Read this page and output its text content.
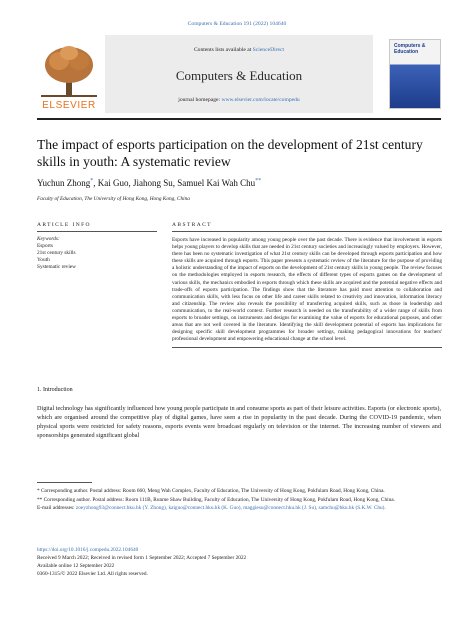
Computers & Education 191 (2022) 104640
ELSEVIER
Contents lists available at ScienceDirect
Computers & Education
journal homepage: www.elsevier.com/locate/compedu
Computers & Education
The impact of esports participation on the development of 21st century skills in youth: A systematic review
Yuchun Zhong*, Kai Guo, Jiahong Su, Samuel Kai Wah Chu**
Faculty of Education, The University of Hong Kong, Hong Kong, China
ARTICLE INFO	ABSTRACT
Keywords:
Esports
21st century skills
Youth
Systematic review
Esports have increased in popularity among young people over the past decade. There is evidence that involvement in esports helps young players to develop skills that are needed in 21st century societies and increasingly valued by employers. However, there has been no systematic investigation of what 21st century skills can be developed through esports participation and how these skills are acquired through esports. This paper presents a systematic review of the literature for the purpose of providing a holistic understanding of the impact of esports on the development of 21st century skills in young people. The review focuses on the methodologies employed in esports research, the effects of different types of esports games on the development of various skills, the mechanics embodied in esports through which these skills are acquired and the potential negative effects and trade-offs of esports participation. The findings show that the literature has paid most attention to collaboration and communication skills, with less focus on other life and career skills related to creativity and innovation, information literacy and citizenship. The review also reveals the possibility of transferring acquired skills, such as those in leadership and communication, to the real-world context. Further research is needed on the transferability of a wider range of skills from esports to broader settings, on instruments and designs for examining the value of esports for educational purposes, and other areas that are not well covered in the literature. Identifying the skill development potential of esports has implications for designing specific skill development programmes for broader settings, making pedagogical innovations for teachers' professional development and empowering educational change at the school level.
1. Introduction
Digital technology has significantly influenced how young people participate in and consume sports as part of their leisure activities. Esports (or electronic sports), which are organised around the competitive play of digital games, have seen a rise in popularity in the past decade. During the COVID-19 pandemic, when physical sports were restricted for safety reasons, esports events were broadcast regularly on television or the internet. The increasing number of viewers and sponsorships generated significant global
* Corresponding author. Postal address: Room 660, Meng Wah Complex, Faculty of Education, The University of Hong Kong, Pokfulam Road, Hong Kong, China.
** Corresponding author. Postal address: Room 111B, Runme Shaw Building, Faculty of Education, The University of Hong Kong, Pokfulam Road, Hong Kong, China.
E-mail addresses: zoeyzhong93@connect.hku.hk (Y. Zhong), kaiguo@connect.hku.hk (K. Guo), maggiesu@connect.hku.hk (J. Su), samchu@hku.hk (S.K.W. Chu).
https://doi.org/10.1016/j.compedu.2022.104640
Received 9 March 2022; Received in revised form 1 September 2022; Accepted 7 September 2022
Available online 12 September 2022
0360-1315/© 2022 Elsevier Ltd. All rights reserved.
